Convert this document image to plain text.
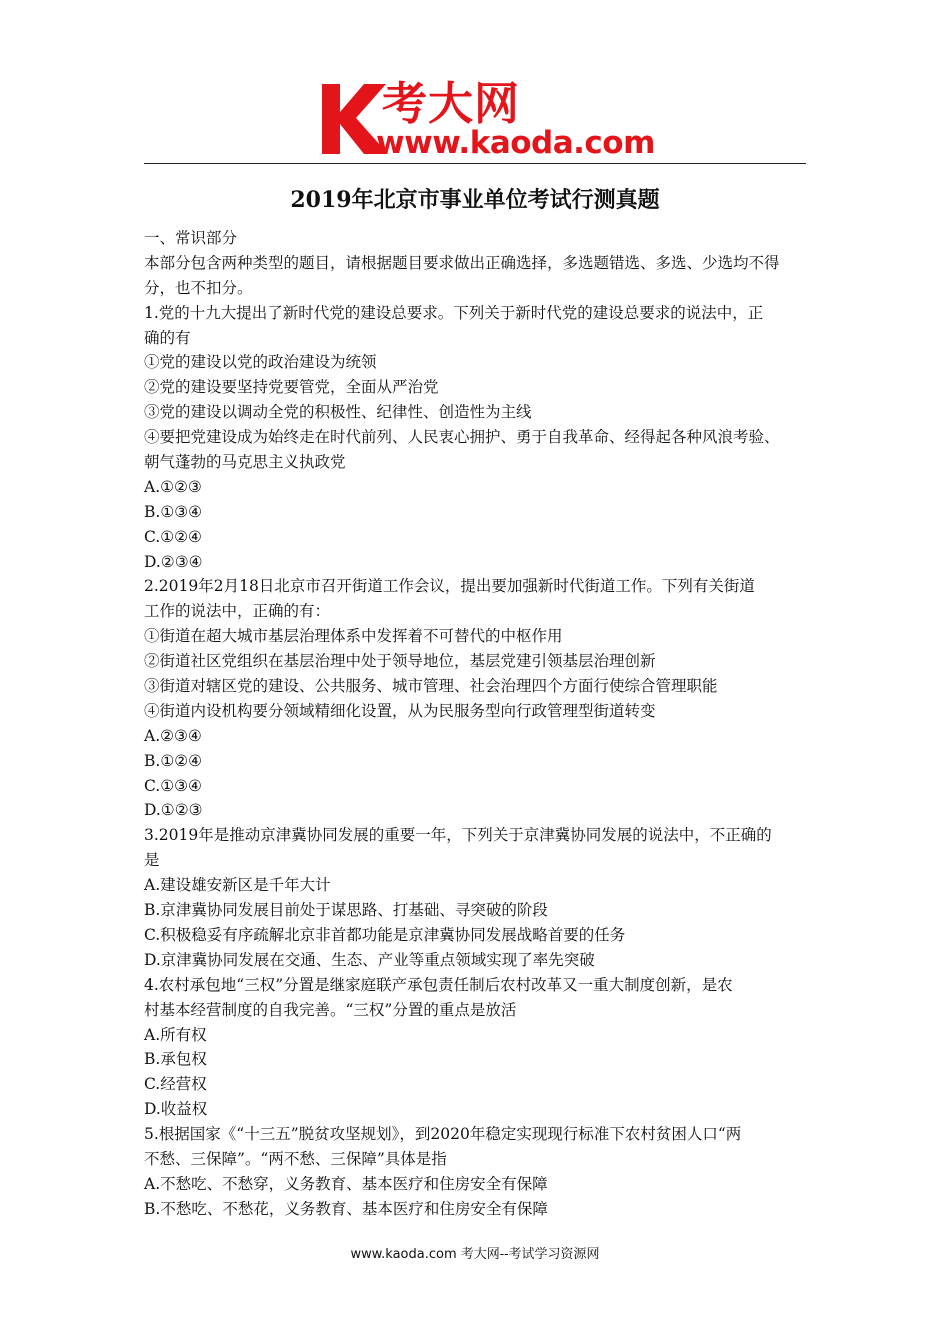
考大网
www.kaoda.com
2019年北京市事业单位考试行测真题
一、常识部分
本部分包含两种类型的题目，请根据题目要求做出正确选择，多选题错选、多选、少选均不得
分，也不扣分。
1.党的十九大提出了新时代党的建设总要求。下列关于新时代党的建设总要求的说法中，正
确的有
①党的建设以党的政治建设为统领
②党的建设要坚持党要管党，全面从严治党
③党的建设以调动全党的积极性、纪律性、创造性为主线
④要把党建设成为始终走在时代前列、人民衷心拥护、勇于自我革命、经得起各种风浪考验、
朝气蓬勃的马克思主义执政党
A.①②③
B.①③④
C.①②④
D.②③④
2.2019年2月18日北京市召开街道工作会议，提出要加强新时代街道工作。下列有关街道
工作的说法中，正确的有：
①街道在超大城市基层治理体系中发挥着不可替代的中枢作用
②街道社区党组织在基层治理中处于领导地位，基层党建引领基层治理创新
③街道对辖区党的建设、公共服务、城市管理、社会治理四个方面行使综合管理职能
④街道内设机构要分领域精细化设置，从为民服务型向行政管理型街道转变
A.②③④
B.①②④
C.①③④
D.①②③
3.2019年是推动京津冀协同发展的重要一年，下列关于京津冀协同发展的说法中，不正确的
是
A.建设雄安新区是千年大计
B.京津冀协同发展目前处于谋思路、打基础、寻突破的阶段
C.积极稳妥有序疏解北京非首都功能是京津冀协同发展战略首要的任务
D.京津冀协同发展在交通、生态、产业等重点领域实现了率先突破
4.农村承包地“三权”分置是继家庭联产承包责任制后农村改革又一重大制度创新，是农
村基本经营制度的自我完善。“三权”分置的重点是放活
A.所有权
B.承包权
C.经营权
D.收益权
5.根据国家《“十三五”脱贫攻坚规划》，到2020年稳定实现现行标准下农村贫困人口“两
不愁、三保障”。“两不愁、三保障”具体是指
A.不愁吃、不愁穿，义务教育、基本医疗和住房安全有保障
B.不愁吃、不愁花，义务教育、基本医疗和住房安全有保障
www.kaoda.com 考大网--考试学习资源网
